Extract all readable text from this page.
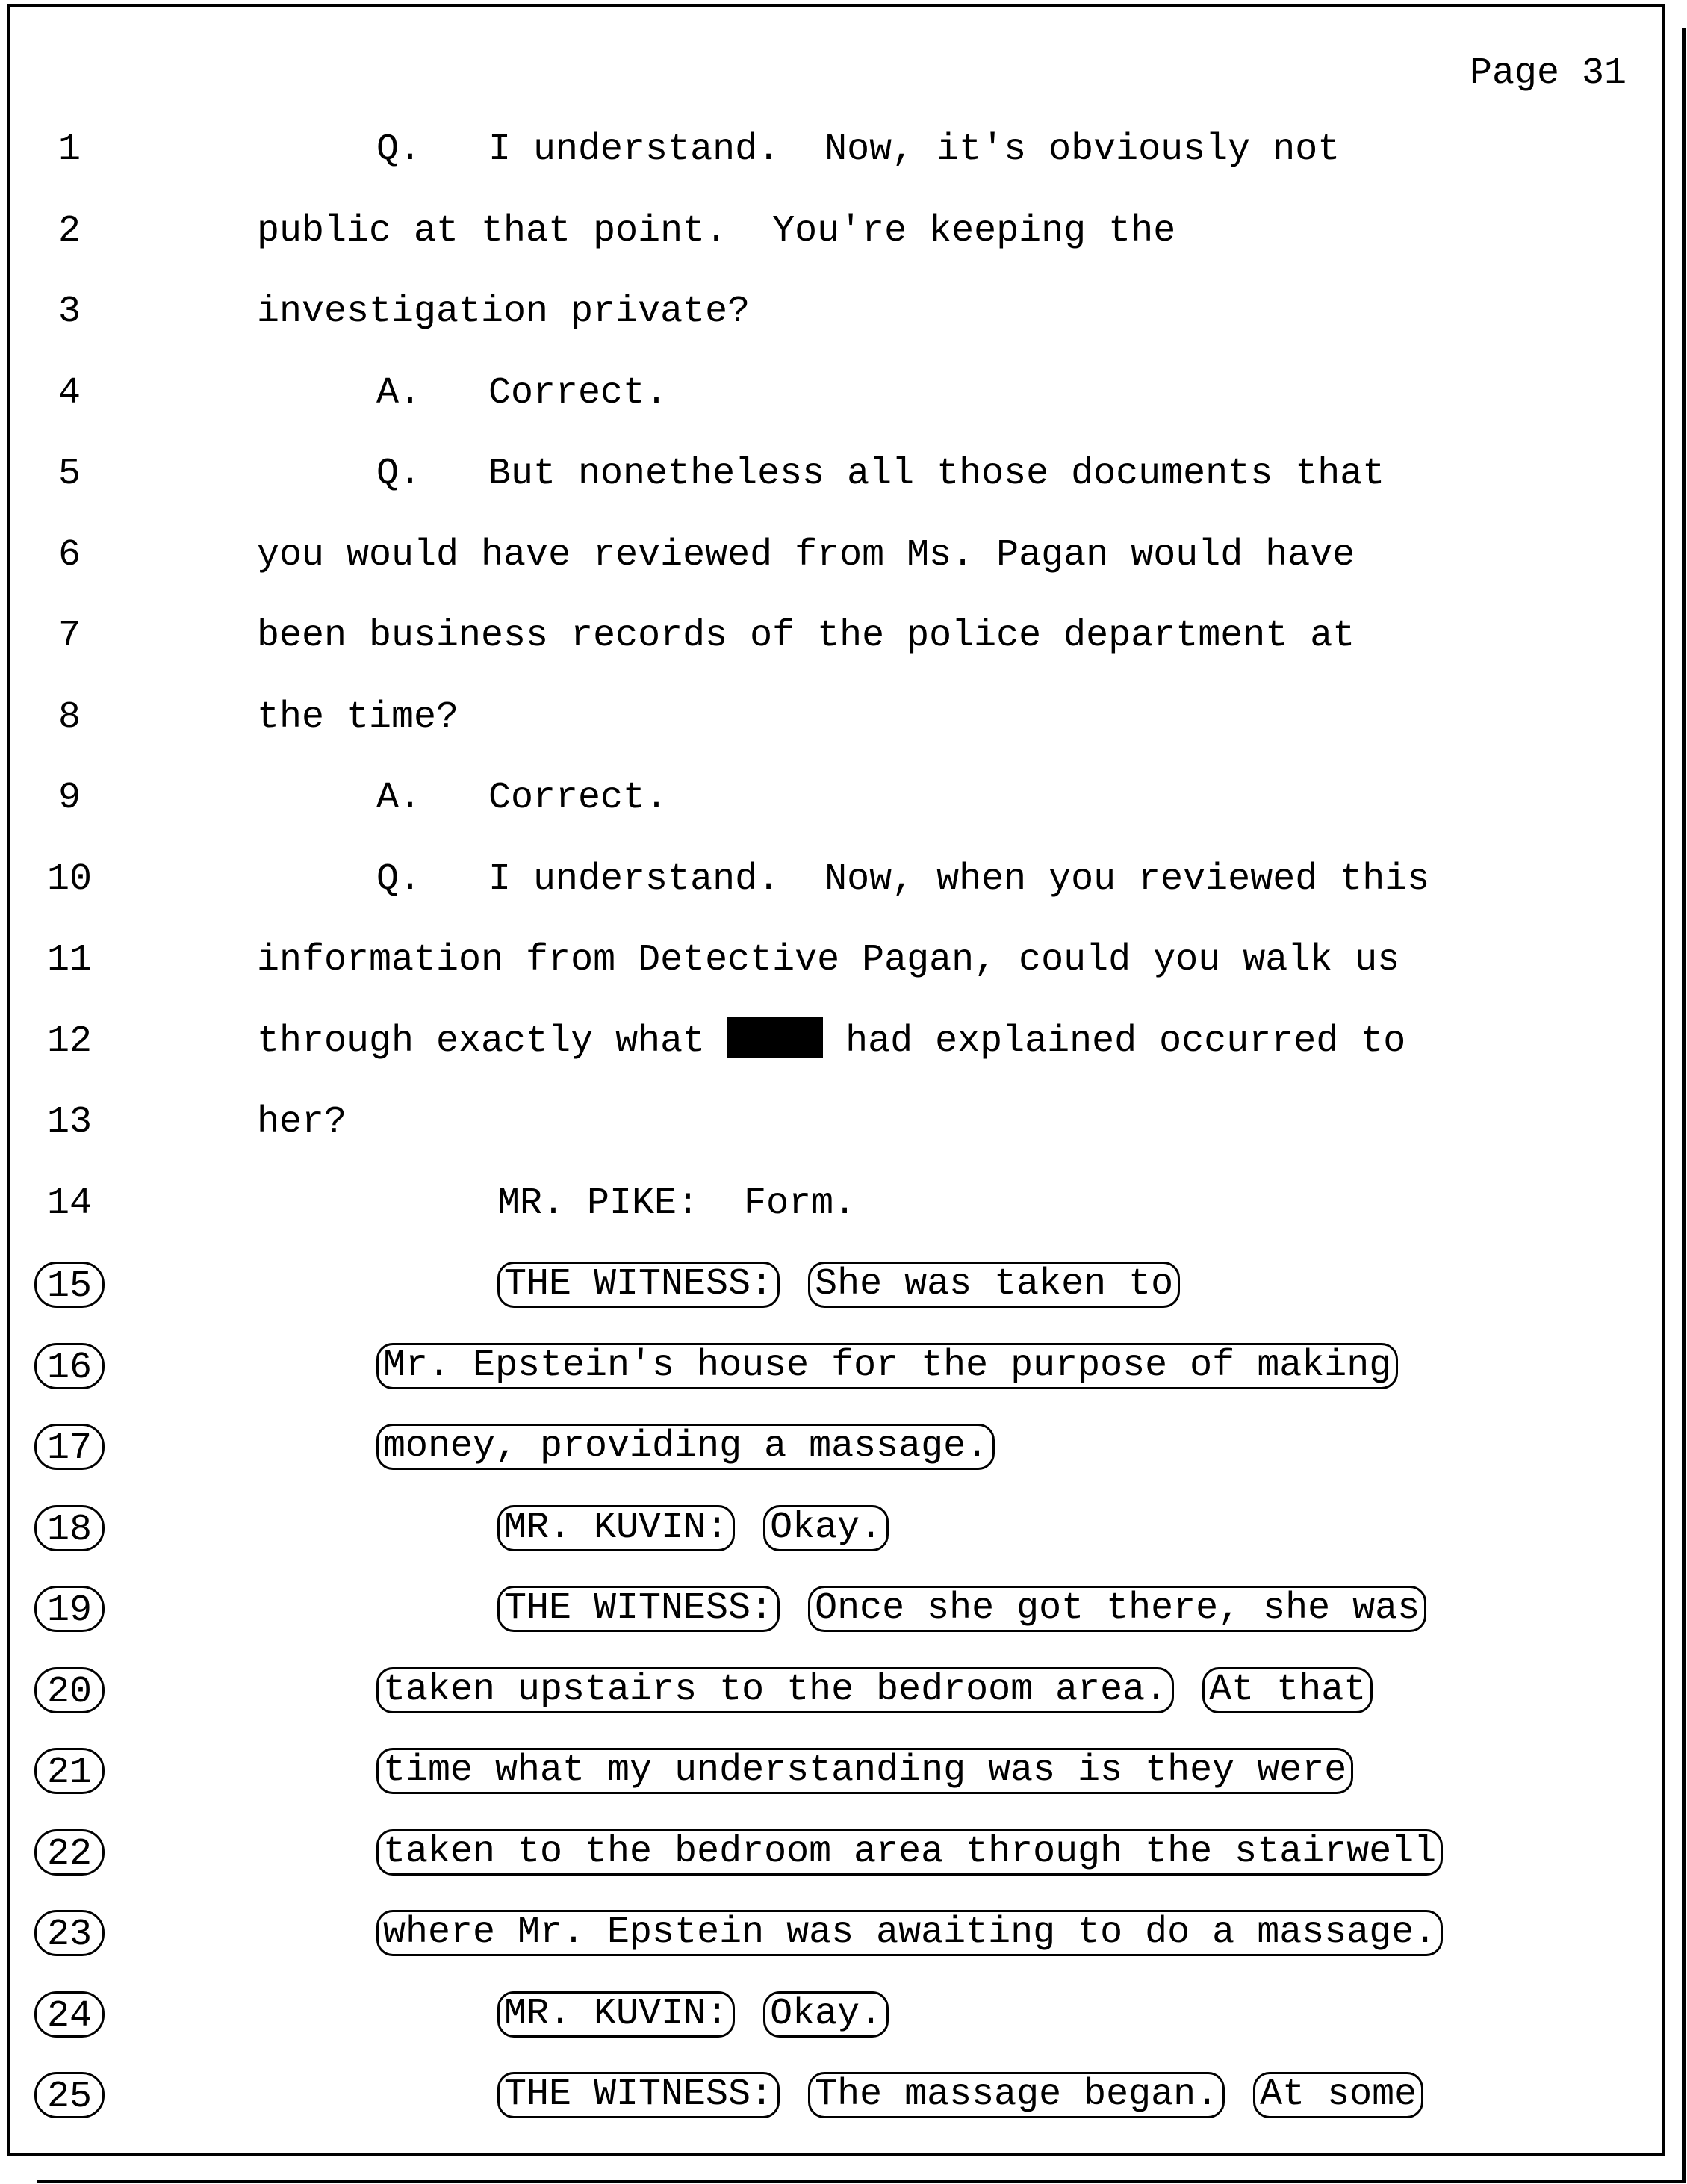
Page 31
1	Q.   I understand.  Now, it's obviously not
2	public at that point.  You're keeping the
3	investigation private?
4	A.   Correct.
5	Q.   But nonetheless all those documents that
6	you would have reviewed from Ms. Pagan would have
7	been business records of the police department at
8	the time?
9	A.   Correct.
10	Q.   I understand.  Now, when you reviewed this
11	information from Detective Pagan, could you walk us
12	through exactly what	had explained occurred to
13	her?
14	MR. PIKE:  Form.
15	THE WITNESS: She was taken to
16	Mr. Epstein's house for the purpose of making
17	money, providing a massage.
18	MR. KUVIN: Okay.
19	THE WITNESS: Once she got there, she was
20	taken upstairs to the bedroom area. At that
21	time what my understanding was is they were
22	taken to the bedroom area through the stairwell
23	where Mr. Epstein was awaiting to do a massage.
24	MR. KUVIN: Okay.
25	THE WITNESS: The massage began. At some
